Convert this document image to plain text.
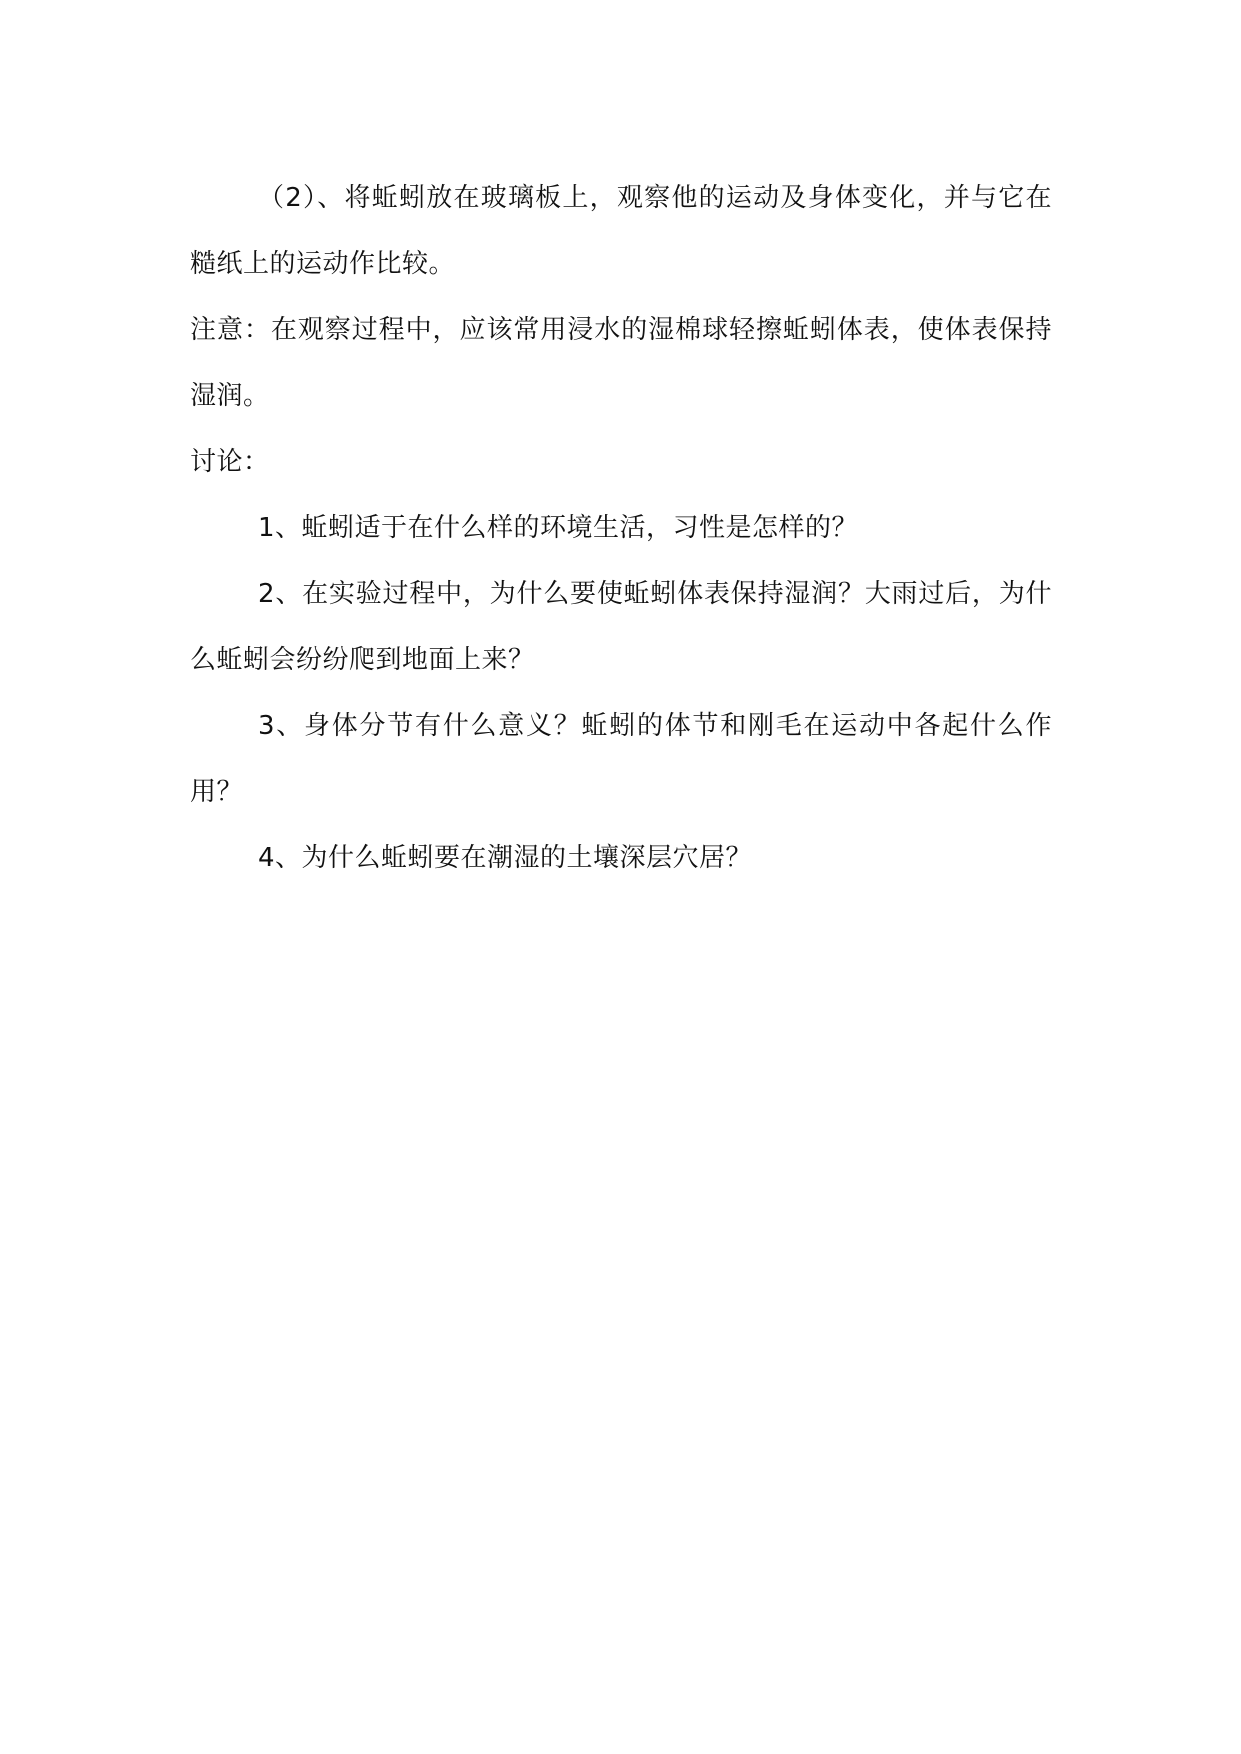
（2）、将蚯蚓放在玻璃板上，观察他的运动及身体变化，并与它在糙纸上的运动作比较。

注意：在观察过程中，应该常用浸水的湿棉球轻擦蚯蚓体表，使体表保持湿润。

讨论：

1、蚯蚓适于在什么样的环境生活，习性是怎样的？

2、在实验过程中，为什么要使蚯蚓体表保持湿润？大雨过后，为什么蚯蚓会纷纷爬到地面上来？

3、身体分节有什么意义？蚯蚓的体节和刚毛在运动中各起什么作用？

4、为什么蚯蚓要在潮湿的土壤深层穴居？
